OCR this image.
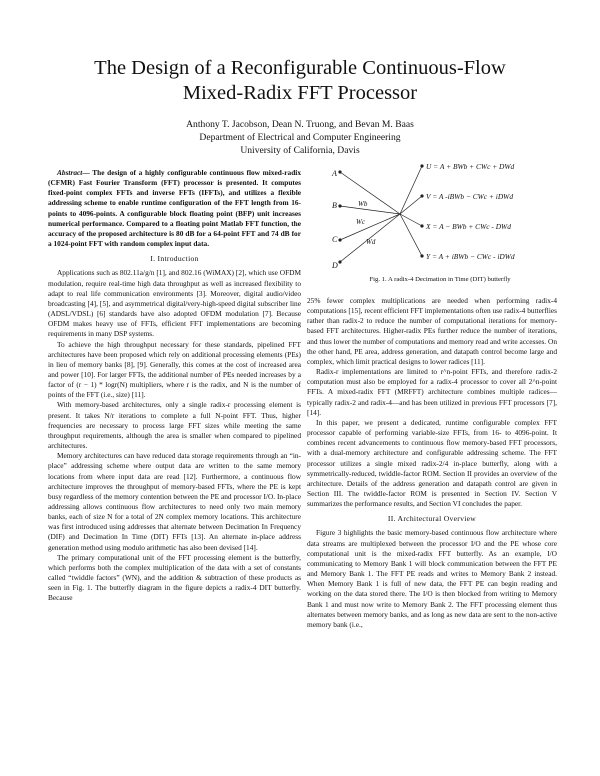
The Design of a Reconfigurable Continuous-Flow
Mixed-Radix FFT Processor
Anthony T. Jacobson, Dean N. Truong, and Bevan M. Baas
Department of Electrical and Computer Engineering
University of California, Davis

Abstract— The design of a highly configurable continuous flow mixed-radix (CFMR) Fast Fourier Transform (FFT) processor is presented. It computes fixed-point complex FFTs and inverse FFTs (IFFTs), and utilizes a flexible addressing scheme to enable runtime configuration of the FFT length from 16-points to 4096-points. A configurable block floating point (BFP) unit increases numerical performance. Compared to a floating point Matlab FFT function, the accuracy of the proposed architecture is 80 dB for a 64-point FFT and 74 dB for a 1024-point FFT with random complex input data.

I. Introduction

Applications such as 802.11a/g/n [1], and 802.16 (WiMAX) [2], which use OFDM modulation, require real-time high data throughput as well as increased flexibility to adapt to real life communication environments [3]. Moreover, digital audio/video broadcasting [4], [5], and asymmetrical digital/very-high-speed digital subscriber line (ADSL/VDSL) [6] standards have also adopted OFDM modulation [7]. Because OFDM makes heavy use of FFTs, efficient FFT implementations are becoming requirements in many DSP systems.

To achieve the high throughput necessary for these standards, pipelined FFT architectures have been proposed which rely on additional processing elements (PEs) in lieu of memory banks [8], [9]. Generally, this comes at the cost of increased area and power [10]. For larger FFTs, the additional number of PEs needed increases by a factor of (r − 1) * logr(N) multipliers, where r is the radix, and N is the number of points of the FFT (i.e., size) [11].

With memory-based architectures, only a single radix-r processing element is present. It takes N/r iterations to complete a full N-point FFT. Thus, higher frequencies are necessary to process large FFT sizes while meeting the same throughput requirements, although the area is smaller when compared to pipelined architectures.

Memory architectures can have reduced data storage requirements through an “in-place” addressing scheme where output data are written to the same memory locations from where input data are read [12]. Furthermore, a continuous flow architecture improves the throughput of memory-based FFTs, where the PE is kept busy regardless of the memory contention between the PE and processor I/O. In-place addressing allows continuous flow architectures to need only two main memory banks, each of size N for a total of 2N complex memory locations. This architecture was first introduced using addresses that alternate between Decimation In Frequency (DIF) and Decimation In Time (DIT) FFTs [13]. An alternate in-place address generation method using modulo arithmetic has also been devised [14].

The primary computational unit of the FFT processing element is the butterfly, which performs both the complex multiplication of the data with a set of constants called “twiddle factors” (WN), and the addition & subtraction of these products as seen in Fig. 1. The butterfly diagram in the figure depicts a radix-4 DIT butterfly. Because

A
B
C
D
Wb
Wc
Wd
U = A + BWb + CWc + DWd
V = A -iBWb − CWc + iDWd
X = A − BWb + CWc - DWd
Y = A + iBWb − CWc - iDWd
Fig. 1. A radix-4 Decimation in Time (DIT) butterfly

25% fewer complex multiplications are needed when performing radix-4 computations [15], recent efficient FFT implementations often use radix-4 butterflies rather than radix-2 to reduce the number of computational iterations for memory-based FFT architectures. Higher-radix PEs further reduce the number of iterations, and thus lower the number of computations and memory read and write accesses. On the other hand, PE area, address generation, and datapath control become large and complex, which limit practical designs to lower radices [11].

Radix-r implementations are limited to r^n-point FFTs, and therefore radix-2 computation must also be employed for a radix-4 processor to cover all 2^n-point FFTs. A mixed-radix FFT (MRFFT) architecture combines multiple radices—typically radix-2 and radix-4—and has been utilized in previous FFT processors [7], [14].

In this paper, we present a dedicated, runtime configurable complex FFT processor capable of performing variable-size FFTs, from 16- to 4096-point. It combines recent advancements to continuous flow memory-based FFT processors, with a dual-memory architecture and configurable addressing scheme. The FFT processor utilizes a single mixed radix-2/4 in-place butterfly, along with a symmetrically-reduced, twiddle-factor ROM. Section II provides an overview of the architecture. Details of the address generation and datapath control are given in Section III. The twiddle-factor ROM is presented in Section IV. Section V summarizes the performance results, and Section VI concludes the paper.

II. Architectural Overview

Figure 3 highlights the basic memory-based continuous flow architecture where data streams are multiplexed between the processor I/O and the PE whose core computational unit is the mixed-radix FFT butterfly. As an example, I/O communicating to Memory Bank 1 will block communication between the FFT PE and Memory Bank 1. The FFT PE reads and writes to Memory Bank 2 instead. When Memory Bank 1 is full of new data, the FFT PE can begin reading and working on the data stored there. The I/O is then blocked from writing to Memory Bank 1 and must now write to Memory Bank 2. The FFT processing element thus alternates between memory banks, and as long as new data are sent to the non-active memory bank (i.e.,
